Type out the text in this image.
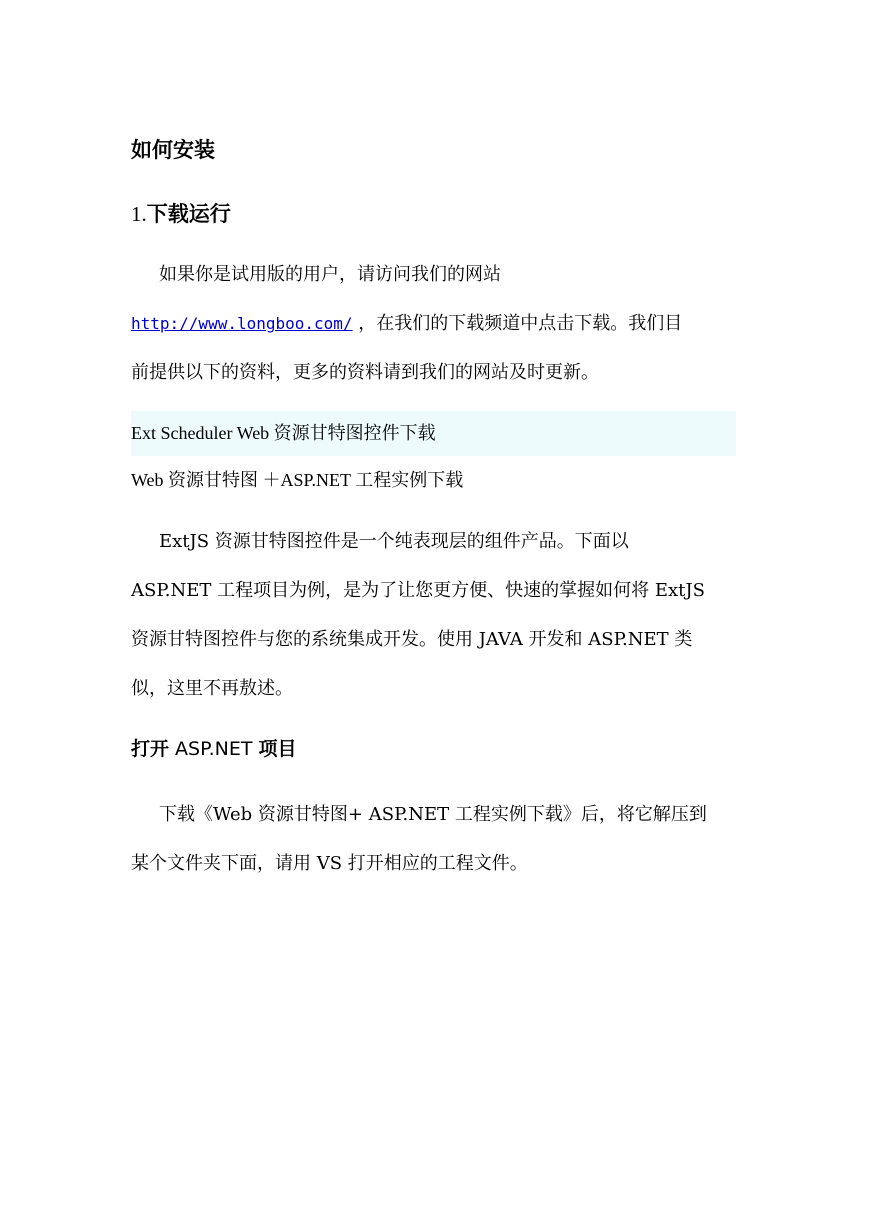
如何安装
1.下载运行
如果你是试用版的用户，请访问我们的网站
http://www.longboo.com/ ，在我们的下载频道中点击下载。我们目
前提供以下的资料，更多的资料请到我们的网站及时更新。
Ext Scheduler Web 资源甘特图控件下载
Web 资源甘特图 ＋ASP.NET 工程实例下载
ExtJS 资源甘特图控件是一个纯表现层的组件产品。下面以
ASP.NET 工程项目为例，是为了让您更方便、快速的掌握如何将 ExtJS
资源甘特图控件与您的系统集成开发。使用 JAVA 开发和 ASP.NET 类
似，这里不再敖述。
打开 ASP.NET 项目
下载《Web 资源甘特图+ ASP.NET 工程实例下载》后，将它解压到
某个文件夹下面，请用 VS 打开相应的工程文件。
